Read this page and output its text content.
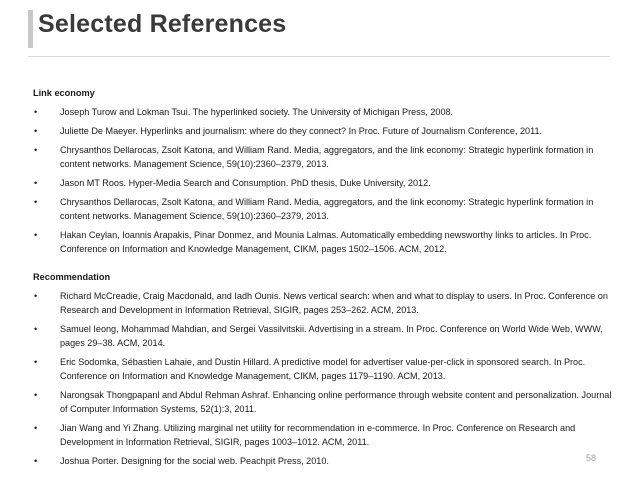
Selected References
Link economy
•	Joseph Turow and Lokman Tsui. The hyperlinked society. The University of Michigan Press, 2008.
•	Juliette De Maeyer. Hyperlinks and journalism: where do they connect? In Proc. Future of Journalism Conference, 2011.
•	Chrysanthos Dellarocas, Zsolt Katona, and William Rand. Media, aggregators, and the link economy: Strategic hyperlink formation in content networks. Management Science, 59(10):2360–2379, 2013.
•	Jason MT Roos. Hyper-Media Search and Consumption. PhD thesis, Duke University, 2012.
•	Chrysanthos Dellarocas, Zsolt Katona, and William Rand. Media, aggregators, and the link economy: Strategic hyperlink formation in content networks. Management Science, 59(10):2360–2379, 2013.
•	Hakan Ceylan, Ioannis Arapakis, Pinar Donmez, and Mounia Lalmas. Automatically embedding newsworthy links to articles. In Proc. Conference on Information and Knowledge Management, CIKM, pages 1502–1506. ACM, 2012.
Recommendation
•	Richard McCreadie, Craig Macdonald, and Iadh Ounis. News vertical search: when and what to display to users. In Proc. Conference on Research and Development in Information Retrieval, SIGIR, pages 253–262. ACM, 2013.
•	Samuel Ieong, Mohammad Mahdian, and Sergei Vassilvitskii. Advertising in a stream. In Proc. Conference on World Wide Web, WWW, pages 29–38. ACM, 2014.
•	Eric Sodomka, Sébastien Lahaie, and Dustin Hillard. A predictive model for advertiser value-per-click in sponsored search. In Proc. Conference on Information and Knowledge Management, CIKM, pages 1179–1190. ACM, 2013.
•	Narongsak Thongpapanl and Abdul Rehman Ashraf. Enhancing online performance through website content and personalization. Journal of Computer Information Systems, 52(1):3, 2011.
•	Jian Wang and Yi Zhang. Utilizing marginal net utility for recommendation in e-commerce. In Proc. Conference on Research and Development in Information Retrieval, SIGIR, pages 1003–1012. ACM, 2011.
•	Joshua Porter. Designing for the social web. Peachpit Press, 2010.	58
